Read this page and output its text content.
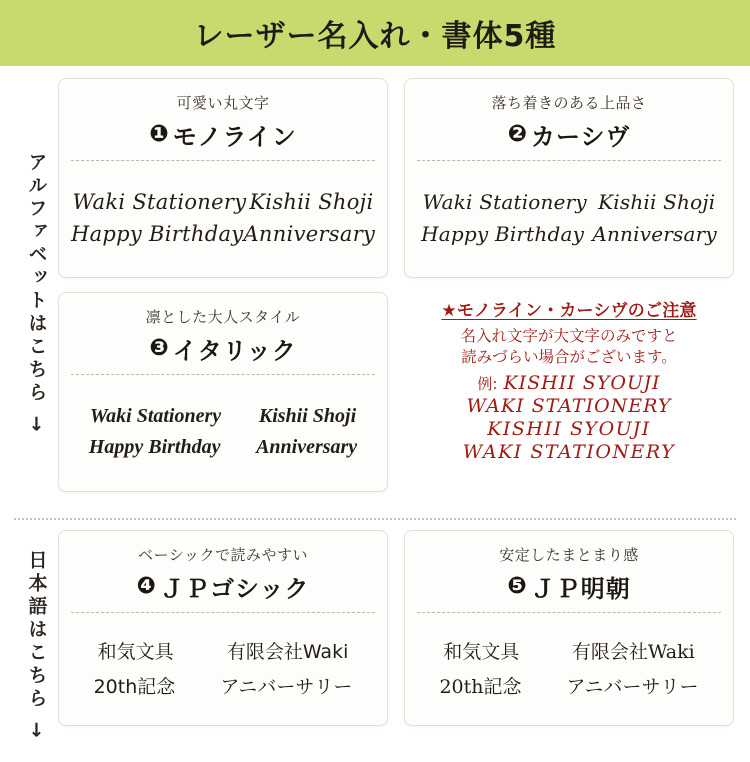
レーザー名入れ・書体5種
アルファベットはこちら →
可愛い丸文字
❶ モノライン
Waki Stationery Kishii Shoji
Happy Birthday Anniversary
落ち着きのある上品さ
❷ カーシヴ
Waki Stationery Kishii Shoji
Happy Birthday Anniversary
凛とした大人スタイル
❸ イタリック
Waki Stationery Kishii Shoji
Happy Birthday Anniversary
★モノライン・カーシヴのご注意
名入れ文字が大文字のみですと
読みづらい場合がございます。
例: KISHII SYOUJI
WAKI STATIONERY
KISHII SYOUJI
WAKI STATIONERY
日本語はこちら →	ベーシックで読みやすい
❹ ＪＰゴシック
和気文具	有限会社Waki
20th記念 アニバーサリー
安定したまとまり感
❺ ＪＰ明朝
和気文具	有限会社Waki
20th記念 アニバーサリー
